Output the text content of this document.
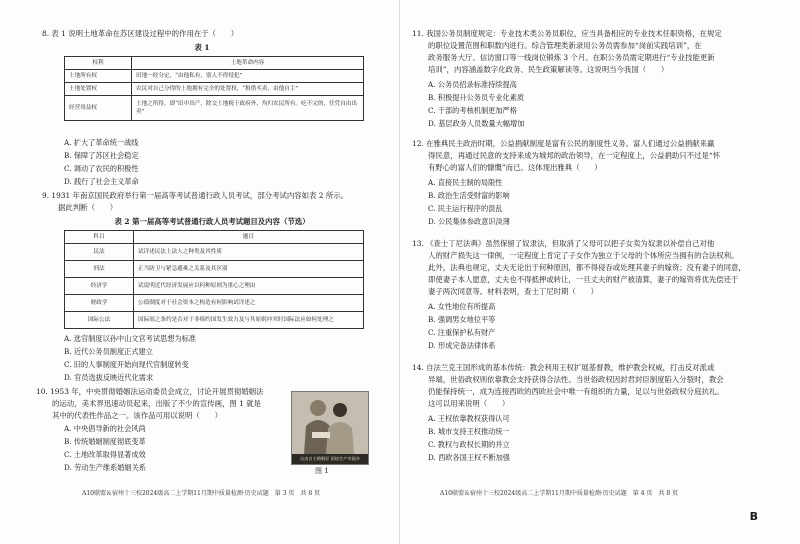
8. 表 1 说明土地革命在苏区建设过程中的作用在于（　　）
表 1
权利	土地革命内容
土地所有权	田地一经分定，“由他私有，别人不得侵犯”
土地处置权	农民对自己分得的土地拥有完全的处置权，“租借买卖，由他自主”
经营用益权	土地之所得，即“田中出产，除交土地税于政府外，均归农民所有。吃不完的，任凭自由出卖”
A. 扩大了革命统一战线
B. 保障了苏区社会稳定
C. 调动了农民的积极性
D. 践行了社会主义革命
9. 1931 年南京国民政府举行第一届高等考试普通行政人员考试，部分考试内容如表 2 所示。
据此判断（　　）
表 2 第一届高等考试普通行政人员考试题目及内容（节选）
科目	题目
民法	试详述民法上法人之种类及其性质
刑法	正当防卫与紧急避难之关系及其区别
经济学	试说明近代经济发展应以何种原则为重心之理由
财政学	公债制度对于社会资本之构造有何影响试详述之
国际公法	国际间之条约是否对于非缔约国发生效力及与其原则冲突时国际法应如何处理之
A. 选官制度以孙中山文官考试思想为标准
B. 近代公务员制度正式建立
C. 旧的人事制度开始向现代官制度转变
D. 官员选拔反映近代化需求
10. 1953 年，中央贯彻婚姻法运动委员会成立，讨论开展贯彻婚姻法
的运动，美术界迅速动员起来，出版了不少的宣传画，图 1 就是
其中的代表性作品之一。该作品可用以说明（　　）
A. 中央倡导新的社会风尚
B. 传统婚姻制度彻底变革
C. 土地改革取得显著成效
D. 劳动生产维系婚姻关系
自由自主婚姻好 团结生产幸福多
图 1
A10联盟＆宿州十三校2024级高二上学期11月期中质量检测·历史试题　第 3 页　共 8 页
11. 我国公务员制度规定：专业技术类公务员职位，应当具备相应的专业技术任职资格，在规定
的职位设置范围和职数内进行。综合管理类新录用公务员需参加“岗前实践培训”，在
政务服务大厅、信访窗口等一线岗位锻炼 3 个月。在职公务员需定期进行“专业技能更新
培训”，内容涵盖数字化政务、民生政策解读等。这说明当今我国（　　）
A. 公务员招录标准持续提高
B. 积极提升公务员专业化素质
C. 干部的考核机制更加严格
D. 基层政务人员数量大幅增加
12. 在雅典民主政治时期，公益捐献制度是富有公民的制度性义务。富人们通过公益捐献来赢
得民意，再通过民意的支持来成为城邦的政治领导，在一定程度上，公益捐助只不过是“怀
有野心的富人们的慷慨”而已。这体现出雅典（　　）
A. 直接民主制的局限性
B. 政治生活受财富的影响
C. 民主运行程序的混乱
D. 公民集体参政意识淡薄
13. 《查士丁尼法典》虽然保留了奴隶法，但取消了父母可以把子女卖为奴隶以补偿自己对他
人的财产损失这一律例，一定程度上肯定了子女作为独立于父母的个体所应当拥有的合法权利。
此外，法典也规定，丈夫无论出于何种原因，都不得侵吞或处理其妻子的嫁资；没有妻子的同意，
即使妻子本人愿意，丈夫也不得抵押或转让，一旦丈夫的财产被清算，妻子的嫁资将优先偿还于
妻子两次同意等。材料表明，查士丁尼时期（　　）
A. 女性地位有所提高
B. 强调男女地位平等
C. 注重保护私有财产
D. 形成完备法律体系
14. 自法兰克王国形成的基本传统：教会利用王权扩展基督教，维护教会权威，打击反对派或
异端，世俗政权则依靠教会支持获得合法性。当世俗政权因封君封臣制度陷入分裂时，教会
仍能保持统一，成为连接西欧的西欧社会中唯一有组织的力量，足以与世俗政权分庭抗礼。
这可以用来说明（　　）
A. 王权依靠教权获得认可
B. 城市支持王权推动统一
C. 教权与政权长期的并立
D. 西欧各国王权不断加强
A10联盟＆宿州十三校2024级高二上学期11月期中质量检测·历史试题　第 4 页　共 8 页
B
